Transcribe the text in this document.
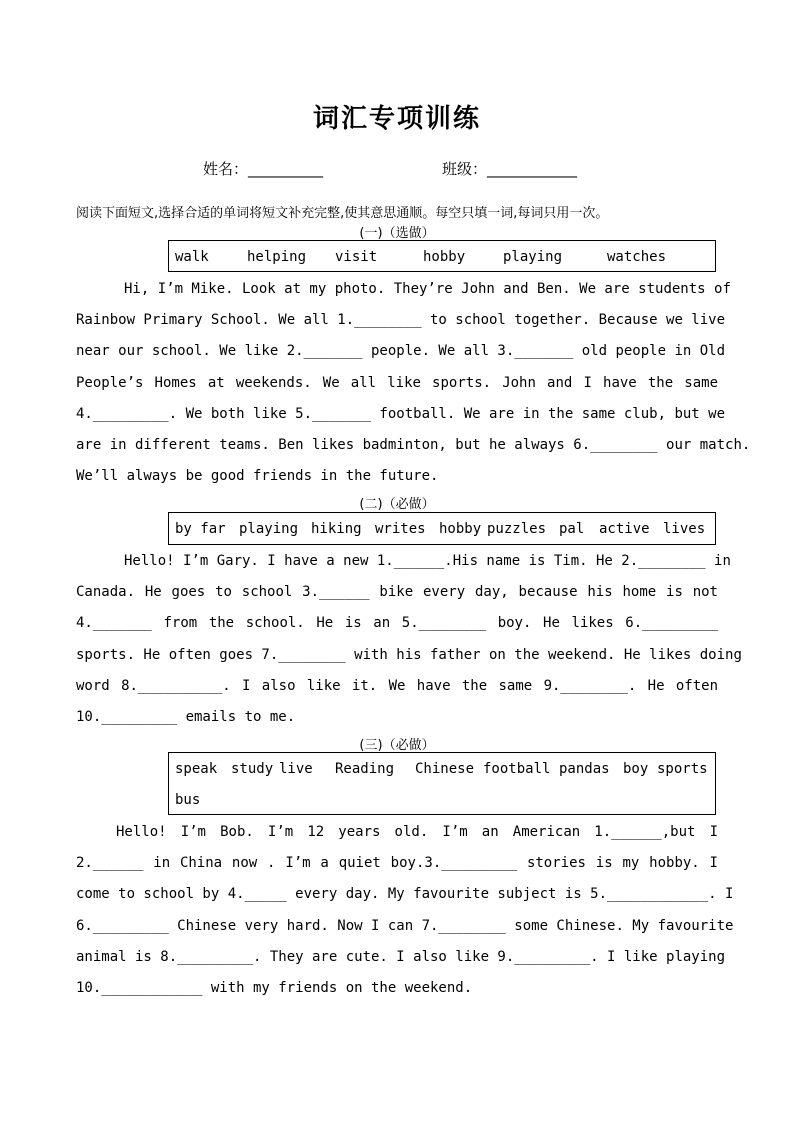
词汇专项训练
姓名：__________	班级：____________
阅读下面短文,选择合适的单词将短文补充完整,使其意思通顺。每空只填一词,每词只用一次。
(一)（选做）
walk	helping visit	hobby	playing	watches
Hi, I’m Mike. Look at my photo. They’re John and Ben. We are students of
Rainbow Primary School. We all 1.________ to school together. Because we live
near our school. We like 2._______ people. We all 3._______ old people in Old
People’s Homes at weekends. We all like sports. John and I have the same
4._________. We both like 5._______ football. We are in the same club, but we
are in different teams. Ben likes badminton, but he always 6.________ our match.
We’ll always be good friends in the future.
(二)（必做）
by far playing hiking writes hobby puzzles pal active lives
Hello! I’m Gary. I have a new 1.______.His name is Tim. He 2.________ in
Canada. He goes to school 3.______ bike every day, because his home is not
4._______ from the school. He is an 5.________ boy. He likes 6._________
sports. He often goes 7.________ with his father on the weekend. He likes doing
word 8.__________. I also like it. We have the same 9.________. He often
10._________ emails to me.
(三)（必做）
speak study live Reading Chinese football pandas boy sports
bus
Hello! I’m Bob. I’m 12 years old. I’m an American 1.______,but I
2.______ in China now . I’m a quiet boy.3._________ stories is my hobby. I
come to school by 4._____ every day. My favourite subject is 5.____________. I
6._________ Chinese very hard. Now I can 7.________ some Chinese. My favourite
animal is 8._________. They are cute. I also like 9._________. I like playing
10.____________ with my friends on the weekend.
